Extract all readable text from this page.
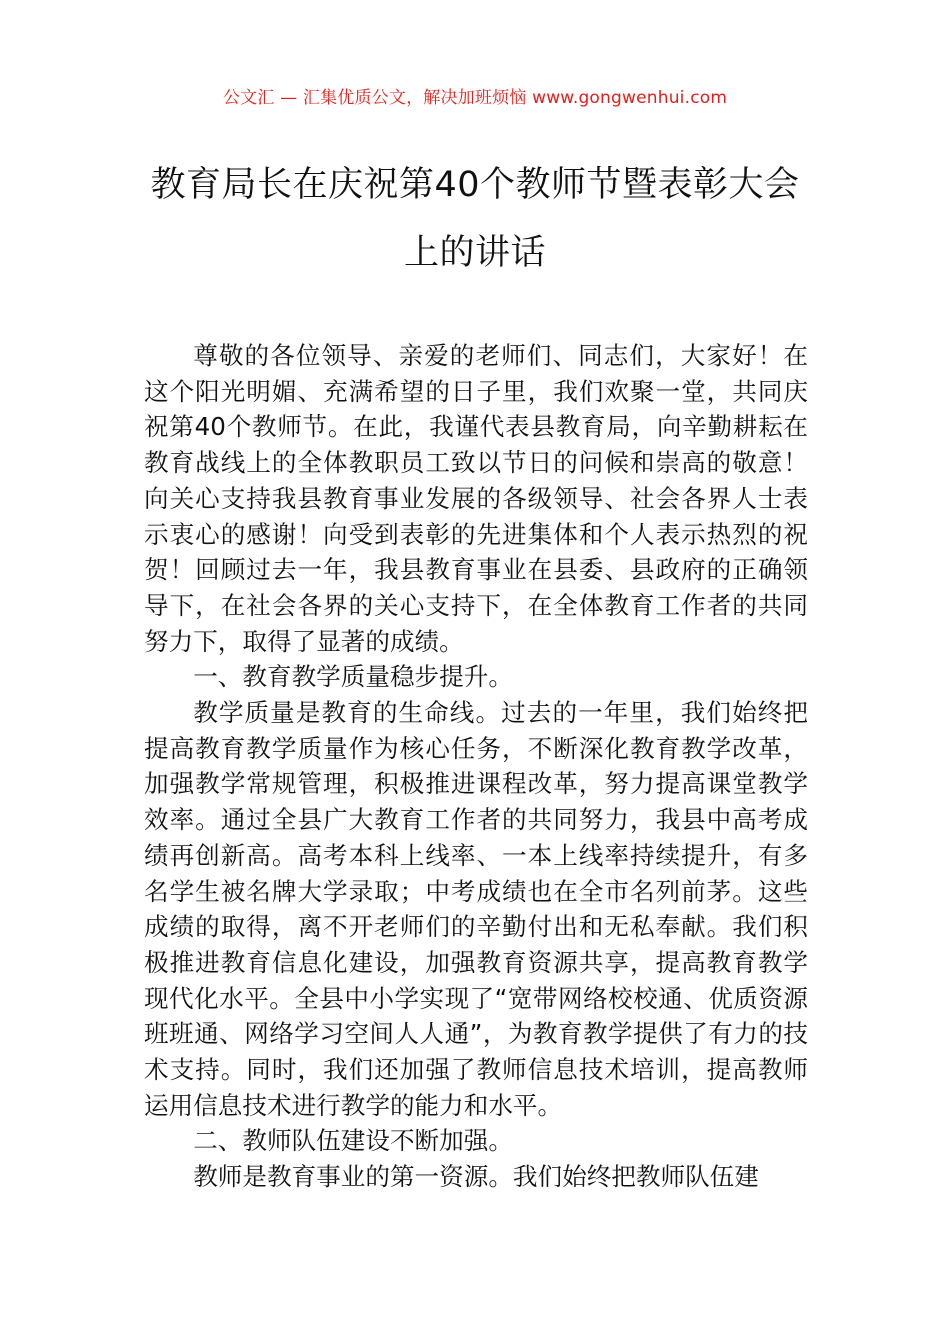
公文汇 — 汇集优质公文，解决加班烦恼 www.gongwenhui.com
教育局长在庆祝第40个教师节暨表彰大会上的讲话

尊敬的各位领导、亲爱的老师们、同志们，大家好！在这个阳光明媚、充满希望的日子里，我们欢聚一堂，共同庆祝第40个教师节。在此，我谨代表县教育局，向辛勤耕耘在教育战线上的全体教职员工致以节日的问候和崇高的敬意！向关心支持我县教育事业发展的各级领导、社会各界人士表示衷心的感谢！向受到表彰的先进集体和个人表示热烈的祝贺！回顾过去一年，我县教育事业在县委、县政府的正确领导下，在社会各界的关心支持下，在全体教育工作者的共同努力下，取得了显著的成绩。

一、教育教学质量稳步提升。

教学质量是教育的生命线。过去的一年里，我们始终把提高教育教学质量作为核心任务，不断深化教育教学改革，加强教学常规管理，积极推进课程改革，努力提高课堂教学效率。通过全县广大教育工作者的共同努力，我县中高考成绩再创新高。高考本科上线率、一本上线率持续提升，有多名学生被名牌大学录取；中考成绩也在全市名列前茅。这些成绩的取得，离不开老师们的辛勤付出和无私奉献。我们积极推进教育信息化建设，加强教育资源共享，提高教育教学现代化水平。全县中小学实现了“宽带网络校校通、优质资源班班通、网络学习空间人人通”，为教育教学提供了有力的技术支持。同时，我们还加强了教师信息技术培训，提高教师运用信息技术进行教学的能力和水平。

二、教师队伍建设不断加强。

教师是教育事业的第一资源。我们始终把教师队伍建
